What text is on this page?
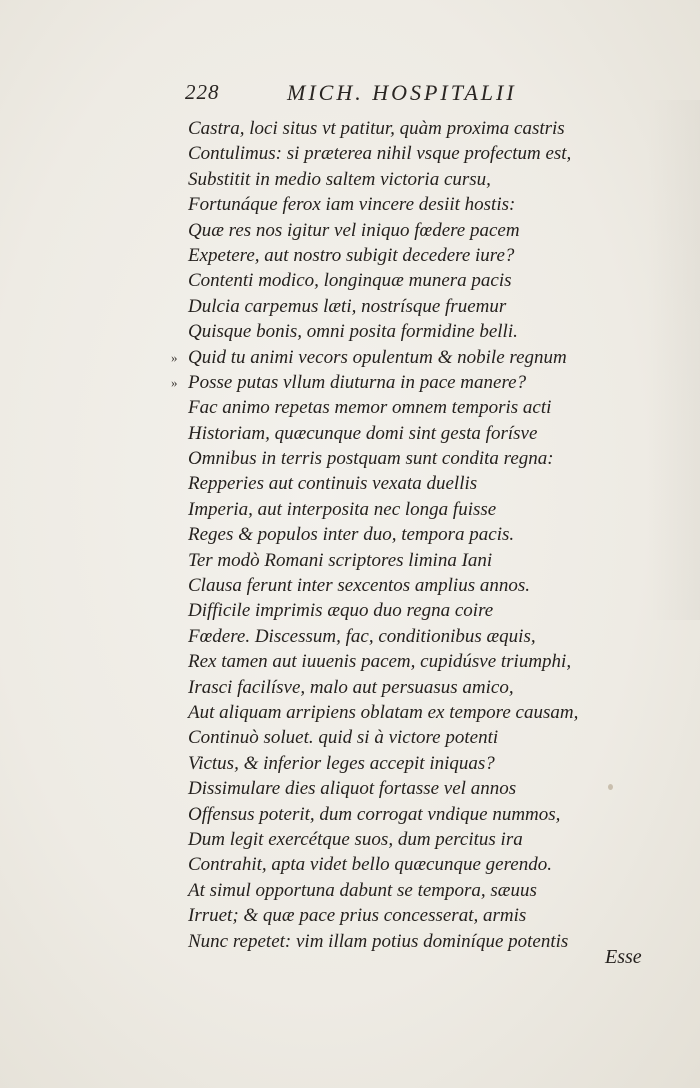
228	MICH. HOSPITALII
Castra, loci situs vt patitur, quàm proxima castris
Contulimus: si præterea nihil vsque profectum est,
Substitit in medio saltem victoria cursu,
Fortunáque ferox iam vincere desiit hostis:
Quæ res nos igitur vel iniquo fœdere pacem
Expetere, aut nostro subigit decedere iure?
Contenti modico, longinquæ munera pacis
Dulcia carpemus læti, nostrísque fruemur
Quisque bonis, omni posita formidine belli.
» Quid tu animi vecors opulentum & nobile regnum
» Posse putas vllum diuturna in pace manere?
Fac animo repetas memor omnem temporis acti
Historiam, quæcunque domi sint gesta forísve
Omnibus in terris postquam sunt condita regna:
Repperies aut continuis vexata duellis
Imperia, aut interposita nec longa fuisse
Reges & populos inter duo, tempora pacis.
Ter modò Romani scriptores limina Iani
Clausa ferunt inter sexcentos amplius annos.
Difficile imprimis æquo duo regna coire
Fœdere. Discessum, fac, conditionibus æquis,
Rex tamen aut iuuenis pacem, cupidúsve triumphi,
Irasci facilísve, malo aut persuasus amico,
Aut aliquam arripiens oblatam ex tempore causam,
Continuò soluet. quid si à victore potenti
Victus, & inferior leges accepit iniquas?
Dissimulare dies aliquot fortasse vel annos
Offensus poterit, dum corrogat vndique nummos,
Dum legit exercétque suos, dum percitus ira
Contrahit, apta videt bello quæcunque gerendo.
At simul opportuna dabunt se tempora, sæuus
Irruet; & quæ pace prius concesserat, armis
Nunc repetet: vim illam potius dominíque potentis
Esse
